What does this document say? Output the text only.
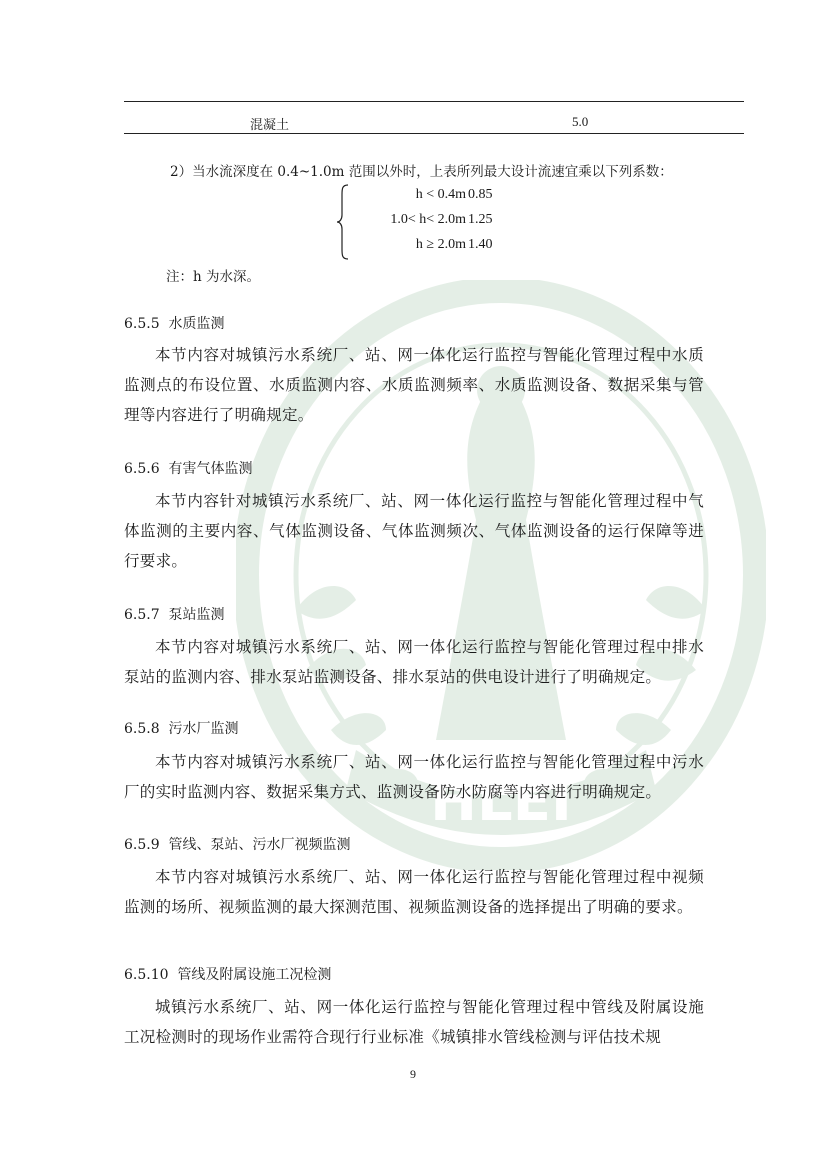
HLEI
混凝土	5.0
2）当水流深度在 0.4~1.0m 范围以外时，上表所列最大设计流速宜乘以下列系数：
h < 0.4m 0.85
1.0< h< 2.0m 1.25
h ≥ 2.0m 1.40
注：h 为水深。
6.5.5 水质监测
本节内容对城镇污水系统厂、站、网一体化运行监控与智能化管理过程中水质监测点的布设位置、水质监测内容、水质监测频率、水质监测设备、数据采集与管理等内容进行了明确规定。
6.5.6 有害气体监测
本节内容针对城镇污水系统厂、站、网一体化运行监控与智能化管理过程中气体监测的主要内容、气体监测设备、气体监测频次、气体监测设备的运行保障等进行要求。
6.5.7 泵站监测
本节内容对城镇污水系统厂、站、网一体化运行监控与智能化管理过程中排水泵站的监测内容、排水泵站监测设备、排水泵站的供电设计进行了明确规定。
6.5.8 污水厂监测
本节内容对城镇污水系统厂、站、网一体化运行监控与智能化管理过程中污水厂的实时监测内容、数据采集方式、监测设备防水防腐等内容进行明确规定。
6.5.9 管线、泵站、污水厂视频监测
本节内容对城镇污水系统厂、站、网一体化运行监控与智能化管理过程中视频监测的场所、视频监测的最大探测范围、视频监测设备的选择提出了明确的要求。
6.5.10 管线及附属设施工况检测
城镇污水系统厂、站、网一体化运行监控与智能化管理过程中管线及附属设施工况检测时的现场作业需符合现行行业标准《城镇排水管线检测与评估技术规
9
